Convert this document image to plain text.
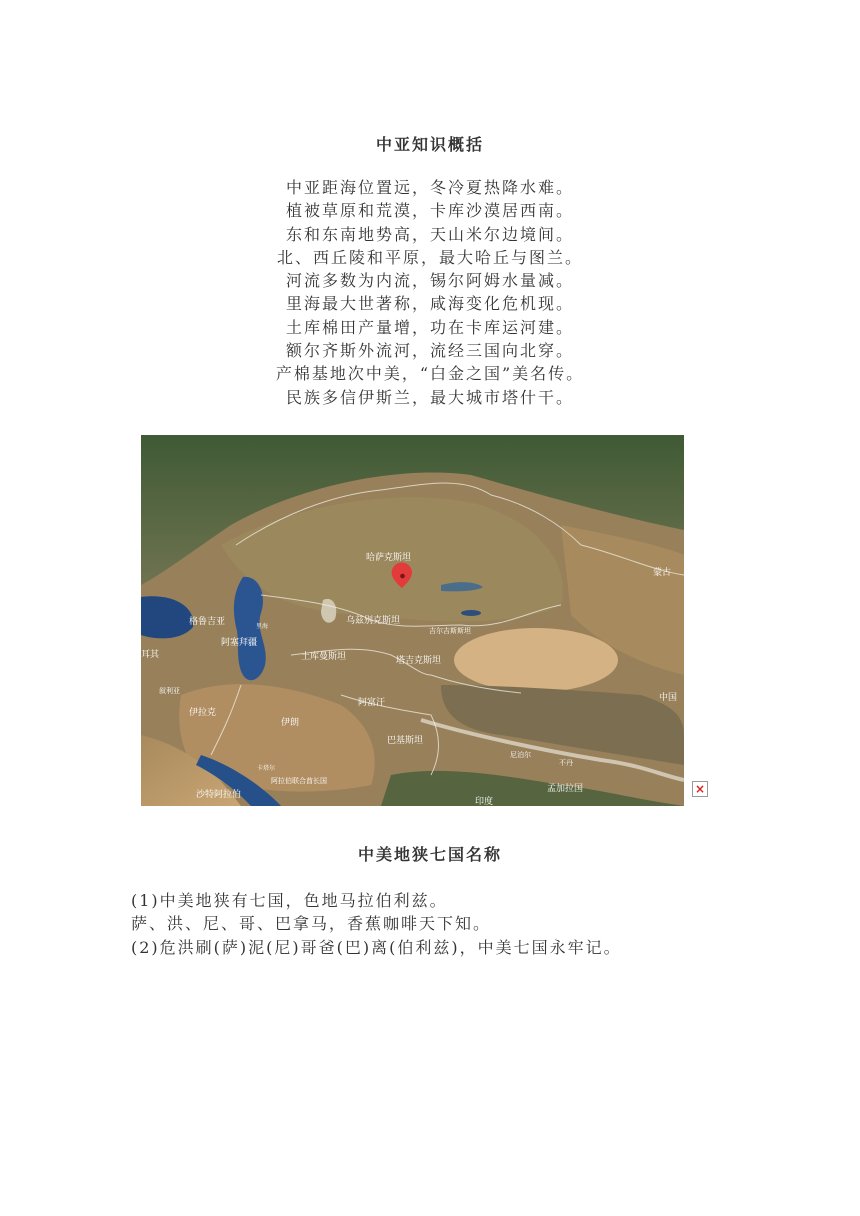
中亚知识概括
中亚距海位置远，冬冷夏热降水难。
植被草原和荒漠，卡库沙漠居西南。
东和东南地势高，天山米尔边境间。
北、西丘陵和平原，最大哈丘与图兰。
河流多数为内流，锡尔阿姆水量减。
里海最大世著称，咸海变化危机现。
土库棉田产量增，功在卡库运河建。
额尔齐斯外流河，流经三国向北穿。
产棉基地次中美，“白金之国”美名传。
民族多信伊斯兰，最大城市塔什干。
哈萨克斯坦
蒙古
格鲁吉亚
阿塞拜疆
里海
耳其
叙利亚
伊拉克
伊朗
土库曼斯坦
乌兹别克斯坦
吉尔吉斯斯坦
塔吉克斯坦
阿富汗
巴基斯坦
中国
印度
尼泊尔
不丹
孟加拉国
阿拉伯联合酋长国
卡塔尔
沙特阿拉伯	×
中美地狭七国名称
(1)中美地狭有七国，色地马拉伯利兹。
萨、洪、尼、哥、巴拿马，香蕉咖啡天下知。
(2)危洪刷(萨)泥(尼)哥爸(巴)离(伯利兹)，中美七国永牢记。
